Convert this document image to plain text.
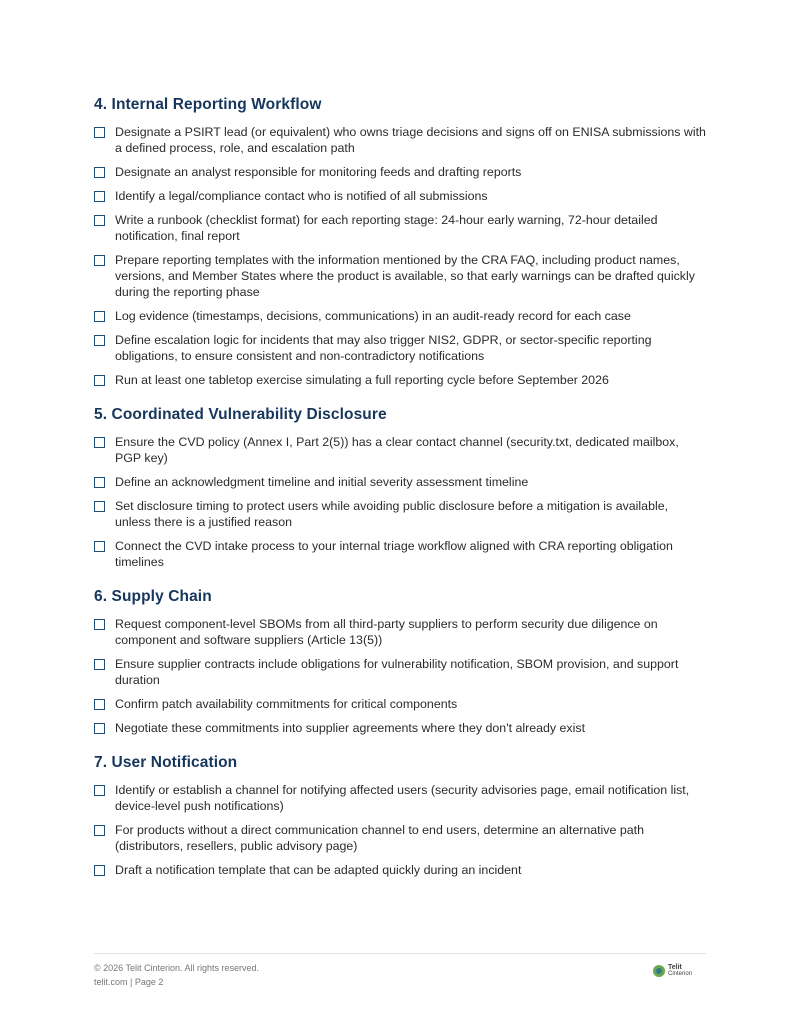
4. Internal Reporting Workflow
Designate a PSIRT lead (or equivalent) who owns triage decisions and signs off on ENISA submissions with a defined process, role, and escalation path
Designate an analyst responsible for monitoring feeds and drafting reports
Identify a legal/compliance contact who is notified of all submissions
Write a runbook (checklist format) for each reporting stage: 24-hour early warning, 72-hour detailed notification, final report
Prepare reporting templates with the information mentioned by the CRA FAQ, including product names, versions, and Member States where the product is available, so that early warnings can be drafted quickly during the reporting phase
Log evidence (timestamps, decisions, communications) in an audit-ready record for each case
Define escalation logic for incidents that may also trigger NIS2, GDPR, or sector-specific reporting obligations, to ensure consistent and non-contradictory notifications
Run at least one tabletop exercise simulating a full reporting cycle before September 2026
5. Coordinated Vulnerability Disclosure
Ensure the CVD policy (Annex I, Part 2(5)) has a clear contact channel (security.txt, dedicated mailbox, PGP key)
Define an acknowledgment timeline and initial severity assessment timeline
Set disclosure timing to protect users while avoiding public disclosure before a mitigation is available, unless there is a justified reason
Connect the CVD intake process to your internal triage workflow aligned with CRA reporting obligation timelines
6. Supply Chain
Request component-level SBOMs from all third-party suppliers to perform security due diligence on component and software suppliers (Article 13(5))
Ensure supplier contracts include obligations for vulnerability notification, SBOM provision, and support duration
Confirm patch availability commitments for critical components
Negotiate these commitments into supplier agreements where they don't already exist
7. User Notification
Identify or establish a channel for notifying affected users (security advisories page, email notification list, device-level push notifications)
For products without a direct communication channel to end users, determine an alternative path (distributors, resellers, public advisory page)
Draft a notification template that can be adapted quickly during an incident
© 2026 Telit Cinterion. All rights reserved.
telit.com | Page 2
Telit
Cinterion
